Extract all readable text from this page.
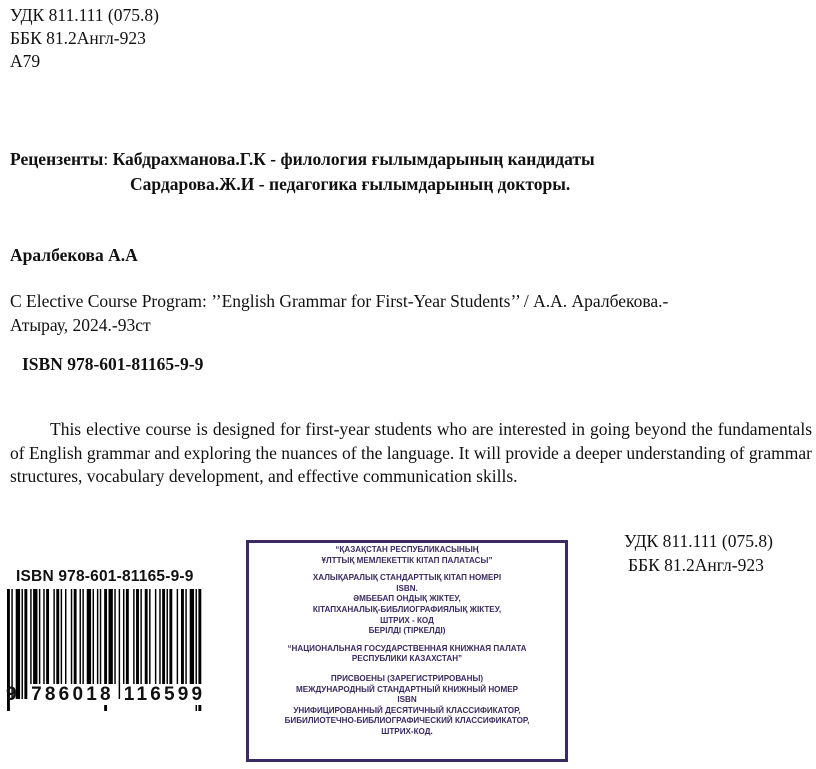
УДК 811.111 (075.8)
ББК 81.2Англ-923
А79
Рецензенты: Кабдрахманова.Г.К - филология ғылымдарының кандидаты
Сардарова.Ж.И - педагогика ғылымдарының докторы.
Аралбекова А.А
С Elective Course Program: ’’English Grammar for First-Year Students’’ / А.А. Аралбекова.-
Атырау, 2024.-93ст
ISBN 978-601-81165-9-9

This elective course is designed for first-year students who are interested in going beyond the fundamentals of English grammar and exploring the nuances of the language. It will provide a deeper understanding of grammar structures, vocabulary development, and effective communication skills.

ISBN 978-601-81165-9-9
9 786018 116599
“ҚАЗАҚСТАН РЕСПУБЛИКАСЫНЫҢ
ҰЛТТЫҚ МЕМЛЕКЕТТІК КІТАП ПАЛАТАСЫ”
ХАЛЫҚАРАЛЫҚ СТАНДАРТТЫҚ КІТАП НОМЕРІ
ISBN.
ӘМБЕБАП ОНДЫҚ ЖІКТЕУ,
КІТАПХАНАЛЫҚ-БИБЛИОГРАФИЯЛЫҚ ЖІКТЕУ,
ШТРИХ - КОД
БЕРІЛДІ (ТІРКЕЛДІ)
“НАЦИОНАЛЬНАЯ ГОСУДАРСТВЕННАЯ КНИЖНАЯ ПАЛАТА
РЕСПУБЛИКИ КАЗАХСТАН”
ПРИСВОЕНЫ (ЗАРЕГИСТРИРОВАНЫ)
МЕЖДУНАРОДНЫЙ СТАНДАРТНЫЙ КНИЖНЫЙ НОМЕР
ISBN
УНИФИЦИРОВАННЫЙ ДЕСЯТИЧНЫЙ КЛАССИФИКАТОР,
БИБИЛИОТЕЧНО-БИБЛИОГРАФИЧЕСКИЙ КЛАССИФИКАТОР,
ШТРИХ-КОД.
УДК 811.111 (075.8)
ББК 81.2Англ-923
